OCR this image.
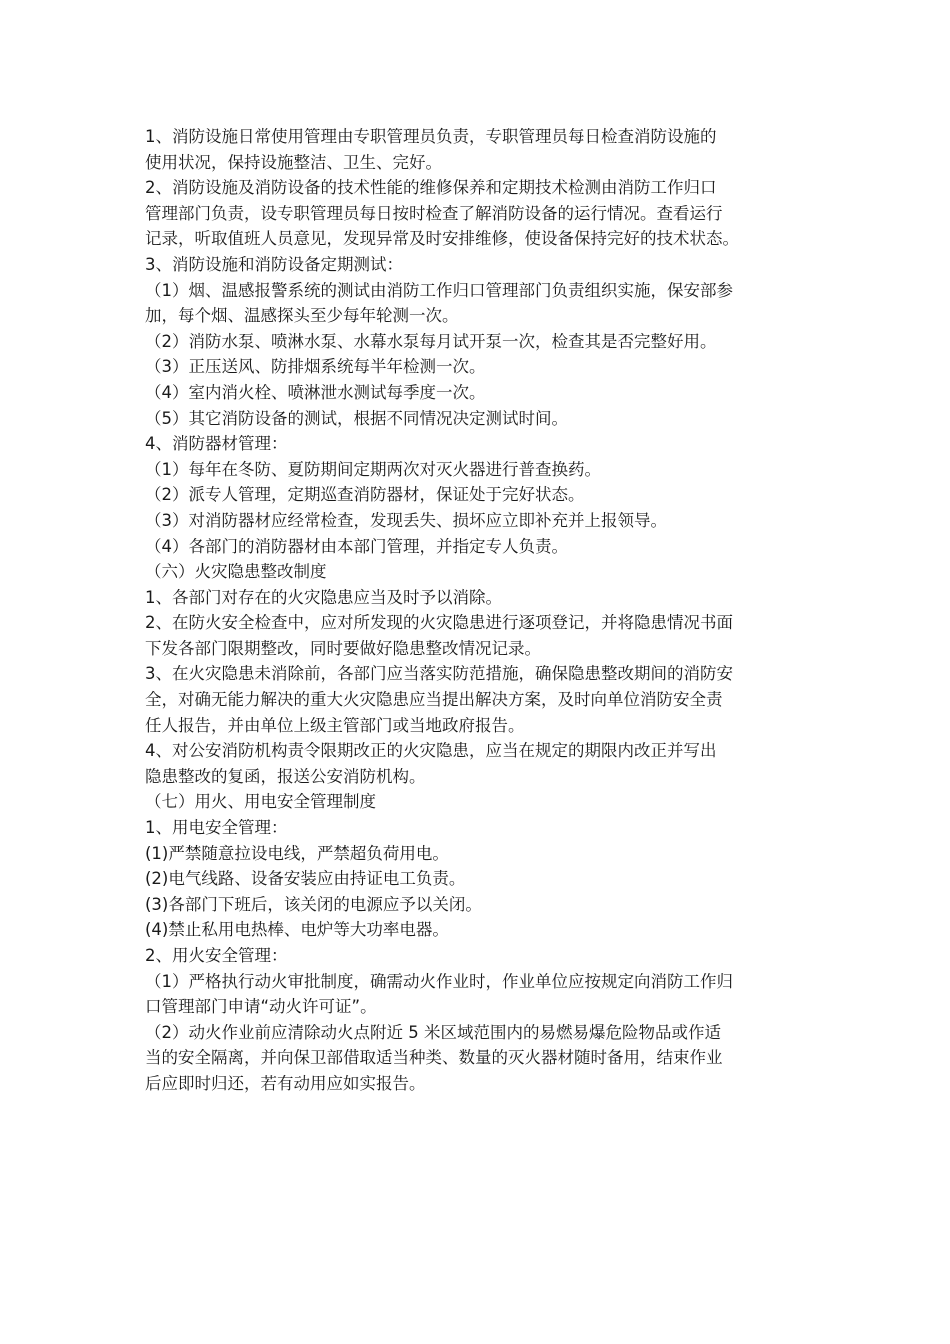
1、消防设施日常使用管理由专职管理员负责，专职管理员每日检查消防设施的
使用状况，保持设施整洁、卫生、完好。
2、消防设施及消防设备的技术性能的维修保养和定期技术检测由消防工作归口
管理部门负责，设专职管理员每日按时检查了解消防设备的运行情况。查看运行
记录，听取值班人员意见，发现异常及时安排维修，使设备保持完好的技术状态。
3、消防设施和消防设备定期测试：
（1）烟、温感报警系统的测试由消防工作归口管理部门负责组织实施，保安部参
加，每个烟、温感探头至少每年轮测一次。
（2）消防水泵、喷淋水泵、水幕水泵每月试开泵一次，检查其是否完整好用。
（3）正压送风、防排烟系统每半年检测一次。
（4）室内消火栓、喷淋泄水测试每季度一次。
（5）其它消防设备的测试，根据不同情况决定测试时间。
4、消防器材管理：
（1）每年在冬防、夏防期间定期两次对灭火器进行普查换药。
（2）派专人管理，定期巡查消防器材，保证处于完好状态。
（3）对消防器材应经常检查，发现丢失、损坏应立即补充并上报领导。
（4）各部门的消防器材由本部门管理，并指定专人负责。
（六）火灾隐患整改制度
1、各部门对存在的火灾隐患应当及时予以消除。
2、在防火安全检查中，应对所发现的火灾隐患进行逐项登记，并将隐患情况书面
下发各部门限期整改，同时要做好隐患整改情况记录。
3、在火灾隐患未消除前，各部门应当落实防范措施，确保隐患整改期间的消防安
全，对确无能力解决的重大火灾隐患应当提出解决方案，及时向单位消防安全责
任人报告，并由单位上级主管部门或当地政府报告。
4、对公安消防机构责令限期改正的火灾隐患，应当在规定的期限内改正并写出
隐患整改的复函，报送公安消防机构。
（七）用火、用电安全管理制度
1、用电安全管理：
(1)严禁随意拉设电线，严禁超负荷用电。
(2)电气线路、设备安装应由持证电工负责。
(3)各部门下班后，该关闭的电源应予以关闭。
(4)禁止私用电热棒、电炉等大功率电器。
2、用火安全管理：
（1）严格执行动火审批制度，确需动火作业时，作业单位应按规定向消防工作归
口管理部门申请“动火许可证”。
（2）动火作业前应清除动火点附近 5 米区域范围内的易燃易爆危险物品或作适
当的安全隔离，并向保卫部借取适当种类、数量的灭火器材随时备用，结束作业
后应即时归还，若有动用应如实报告。
